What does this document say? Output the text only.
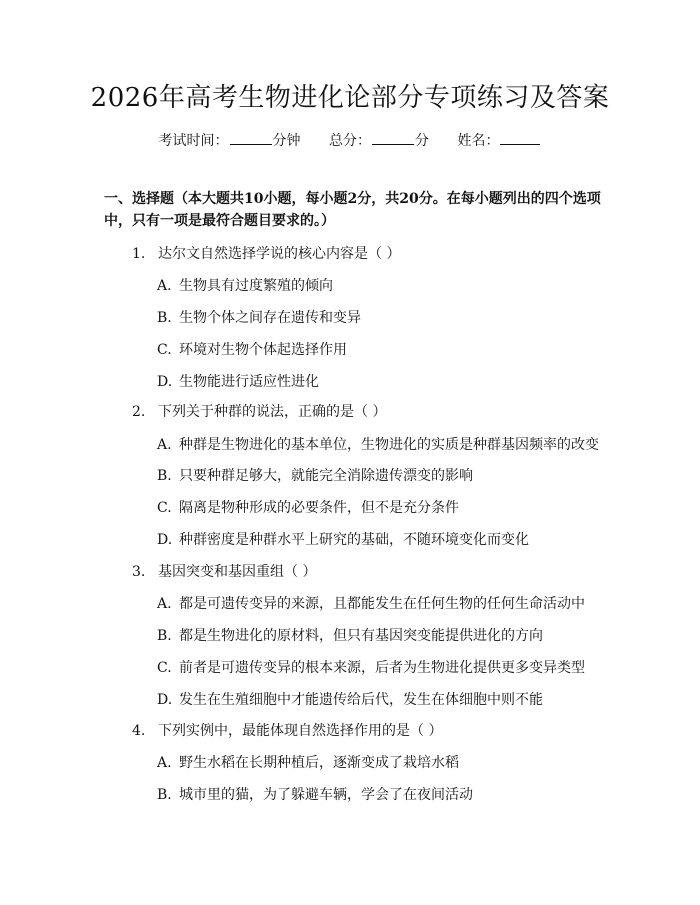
2026年高考生物进化论部分专项练习及答案
考试时间：	分钟 总分：	分 姓名：
一、选择题（本大题共10小题，每小题2分，共20分。在每小题列出的四个选项中，只有一项是最符合题目要求的。）
1. 达尔文自然选择学说的核心内容是（ ）
A. 生物具有过度繁殖的倾向
B. 生物个体之间存在遗传和变异
C. 环境对生物个体起选择作用
D. 生物能进行适应性进化
2. 下列关于种群的说法，正确的是（ ）
A. 种群是生物进化的基本单位，生物进化的实质是种群基因频率的改变
B. 只要种群足够大，就能完全消除遗传漂变的影响
C. 隔离是物种形成的必要条件，但不是充分条件
D. 种群密度是种群水平上研究的基础，不随环境变化而变化
3. 基因突变和基因重组（ ）
A. 都是可遗传变异的来源，且都能发生在任何生物的任何生命活动中
B. 都是生物进化的原材料，但只有基因突变能提供进化的方向
C. 前者是可遗传变异的根本来源，后者为生物进化提供更多变异类型
D. 发生在生殖细胞中才能遗传给后代，发生在体细胞中则不能
4. 下列实例中，最能体现自然选择作用的是（ ）
A. 野生水稻在长期种植后，逐渐变成了栽培水稻
B. 城市里的猫，为了躲避车辆，学会了在夜间活动
